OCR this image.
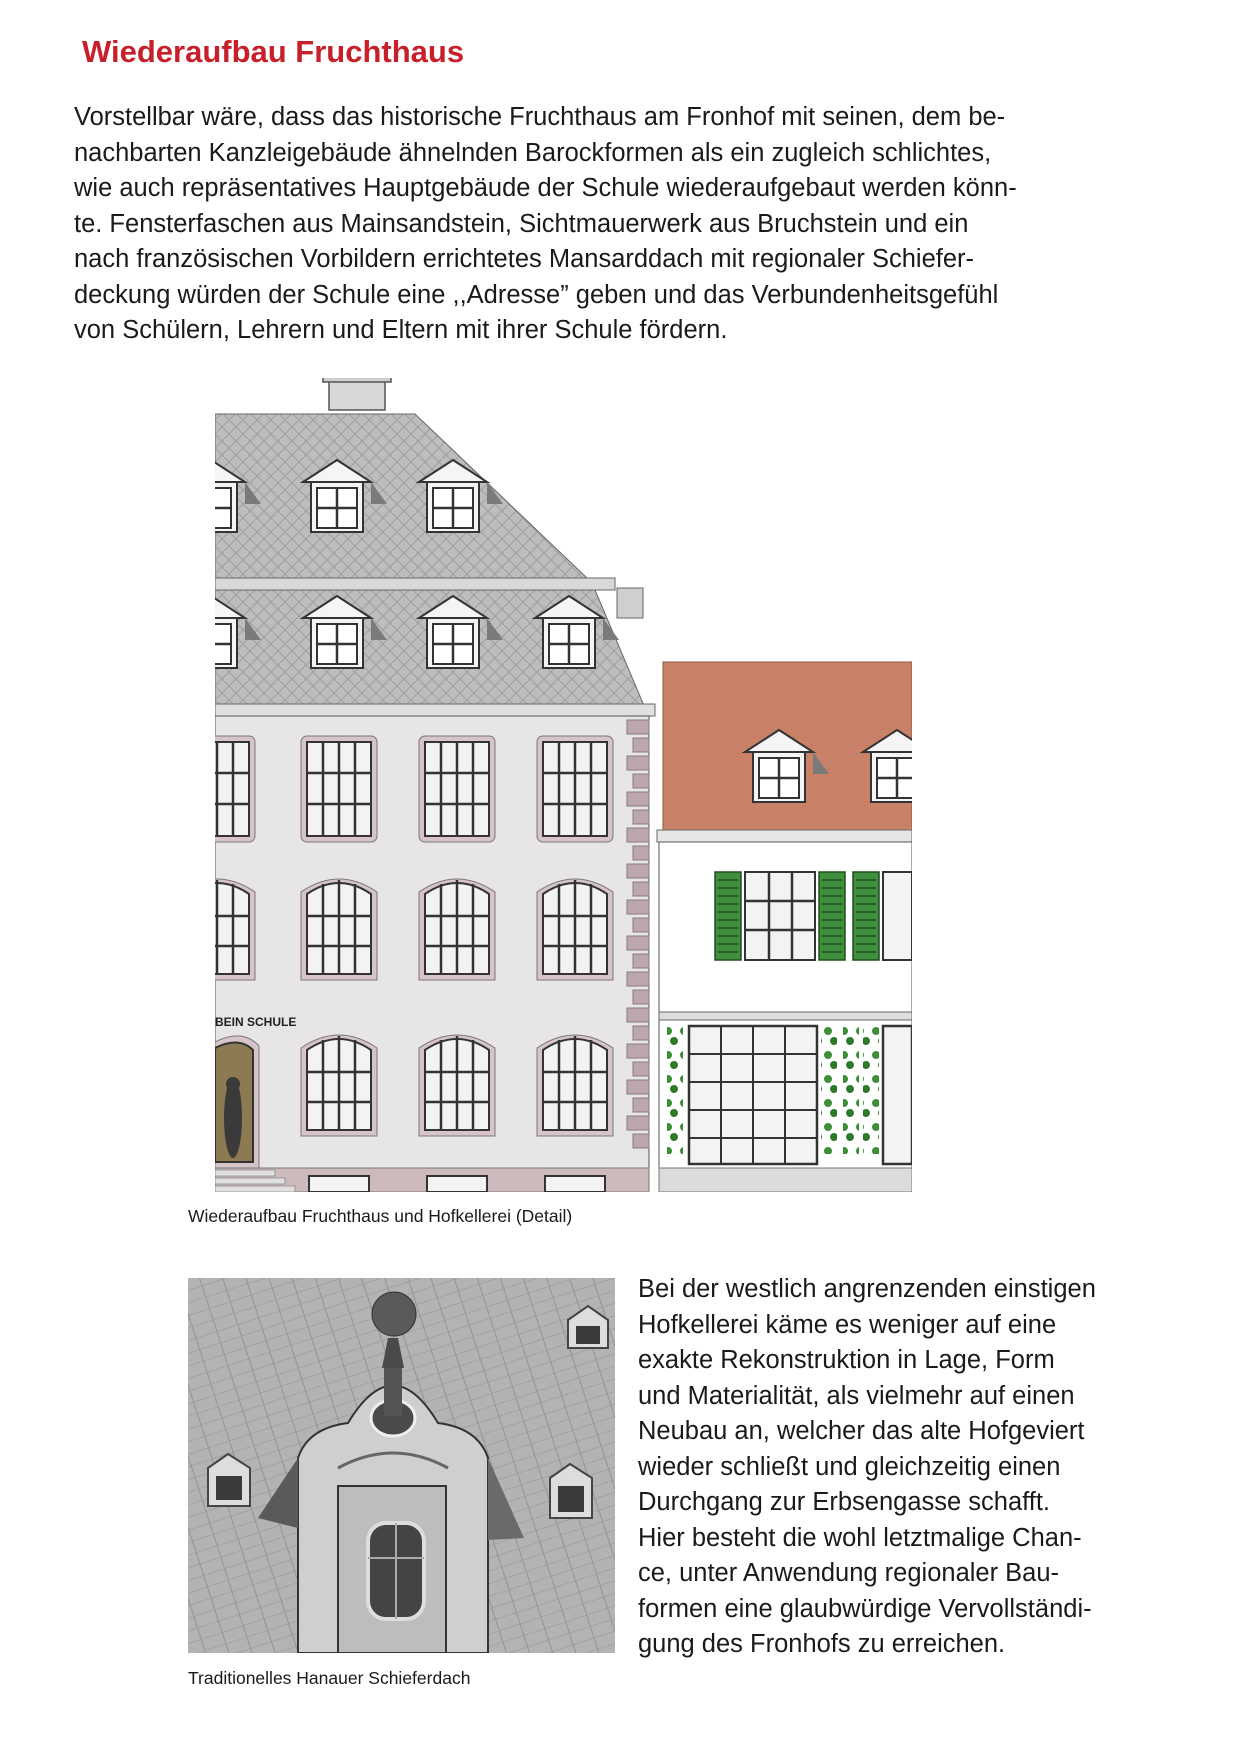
Wiederaufbau Fruchthaus

Vorstellbar wäre, dass das historische Fruchthaus am Fronhof mit seinen, dem be-
nachbarten Kanzleigebäude ähnelnden Barockformen als ein zugleich schlichtes,
wie auch repräsentatives Hauptgebäude der Schule wiederaufgebaut werden könn-
te. Fensterfaschen aus Mainsandstein, Sichtmauerwerk aus Bruchstein und ein
nach französischen Vorbildern errichtetes Mansarddach mit regionaler Schiefer-
deckung würden der Schule eine ,,Adresse” geben und das Verbundenheitsgefühl
von Schülern, Lehrern und Eltern mit ihrer Schule fördern.

BEIN SCHULE
Wiederaufbau Fruchthaus und Hofkellerei (Detail)
Traditionelles Hanauer Schieferdach

Bei der westlich angrenzenden einstigen
Hofkellerei käme es weniger auf eine
exakte Rekonstruktion in Lage, Form
und Materialität, als vielmehr auf einen
Neubau an, welcher das alte Hofgeviert
wieder schließt und gleichzeitig einen
Durchgang zur Erbsengasse schafft.
Hier besteht die wohl letztmalige Chan-
ce, unter Anwendung regionaler Bau-
formen eine glaubwürdige Vervollständi-
gung des Fronhofs zu erreichen.
